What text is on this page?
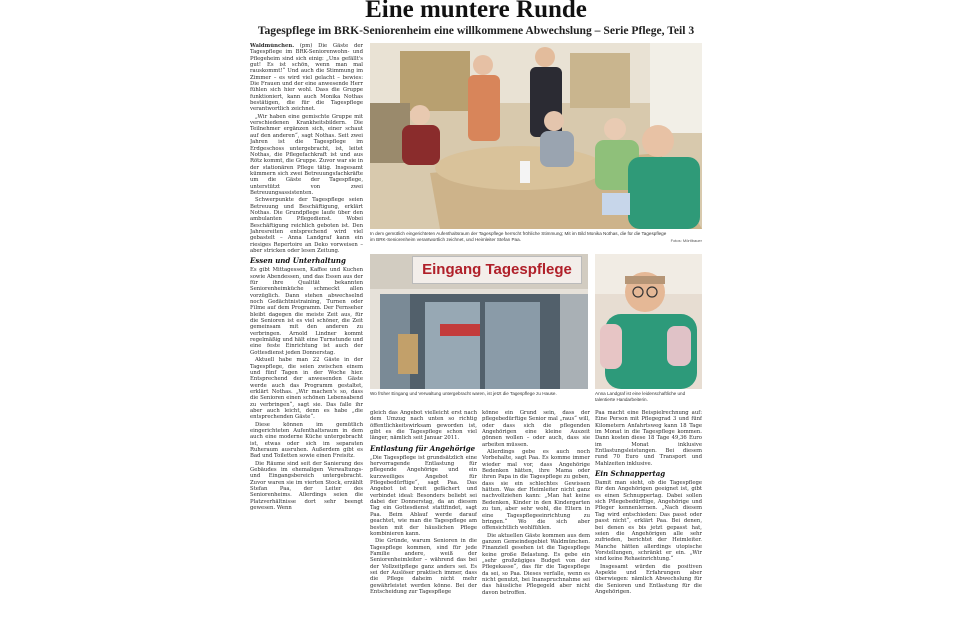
Eine muntere Runde
Tagespflege im BRK-Seniorenheim eine willkommene Abwechslung – Serie Pflege, Teil 3

Waldmünchen. (pm) Die Gäste der Tagespflege im BRK-Seniorenwohn- und Pflegeheim sind sich einig: „Uns gefällt's gut! Es ist schön, wenn man mal rauskommt!“ Und auch die Stimmung im Zimmer – es wird viel gelacht – bewies: Die Frauen und der eine anwesende Herr fühlen sich hier wohl. Dass die Gruppe funktioniert, kann auch Monika Nothas bestätigen, die für die Tagespflege verantwortlich zeichnet.

„Wir haben eine gemischte Gruppe mit verschiedenen Krankheitsbildern. Die Teilnehmer ergänzen sich, einer schaut auf den anderen“, sagt Nothas. Seit zwei Jahren ist die Tagespflege im Erdgeschoss untergebracht, ist, leitet Nothas, die Pflegefachkraft ist und aus Rötz kommt, die Gruppe. Zuvor war sie in der stationären Pflege tätig. Insgesamt kümmern sich zwei Betreuungsfachkräfte um die Gäste der Tagespflege, unterstützt von zwei Betreuungsassistenten.

Schwerpunkte der Tagespflege seien Betreuung und Beschäftigung, erklärt Nothas. Die Grundpflege laufe über den ambulanten Pflegedienst. Wobei Beschäftigung reichlich geboten ist. Den Jahresreiten entsprechend wird viel gebastelt – Anna Landgraf kann ein riesiges Repertoire an Deko vorweisen – aber stricken oder lesen Zeitung.

Essen und Unterhaltung

Es gibt Mittagessen, Kaffee und Kuchen sowie Abendessen, und das Essen aus der für ihre Qualität bekannten Seniorenheimküche schmeckt allen vorzüglich. Dann stehen abwechselnd noch Gedächtnistraining, Turnen oder Filme auf dem Programm. Der Fernseher bleibt dagegen die meiste Zeit aus, für die Senioren ist es viel schöner, die Zeit gemeinsam mit den anderen zu verbringen. Arnold Lindner kommt regelmäßig und hält eine Turnstunde und eine feste Einrichtung ist auch der Gottesdienst jeden Donnerstag.

Aktuell habe man 22 Gäste in der Tagespflege, die seien zwischen einem und fünf Tagen in der Woche hier. Entsprechend der anwesenden Gäste werde auch das Programm gestaltet, erklärt Nothas. „Wir machen's so, dass die Senioren einen schönen Lebensabend zu verbringen“, sagt sie. Das falle ihr aber auch leicht, denn es habe „die entsprechenden Gäste“.

Diese können im gemütlich eingerichteten Aufenthaltsraum in dem auch eine moderne Küche untergebracht ist, etwas oder sich im separaten Ruheraum ausruhen. Außerdem gibt es Bad und Toiletten sowie einen Freisitz.

Die Räume sind seit der Sanierung des Gebäudes im ehemaligen Verwaltungs- und Eingangsbereich untergebracht. Zuvor waren sie im vierten Stock, erzählt Stefan Paa, der Leiter des Seniorenheims. Allerdings seien die Platzverhältnisse dort sehr beengt gewesen. Wenn

In dem gemütlich eingerichteten Aufenthaltsraum der Tagespflege herrscht fröhliche Stimmung; Mit im Bild Monika Nothas, die für die Tagespflege im BRK-Seniorenheim verantwortlich zeichnet, und Heimleiter Stefan Paa.	Fotos: Mörtlbauer
Eingang Tagespflege
Wo früher Eingang und Verwaltung untergebracht waren, ist jetzt die Tagespflege zu Hause.	Anna Landgraf ist eine leidenschaftliche und talentierte Handarbeiterin.

gleich das Angebot vielleicht erst nach dem Umzug nach unten so richtig öffentlichkeitswirksam geworden ist, gibt es die Tagespflege schon viel länger, nämlich seit Januar 2011.

Entlastung für Angehörige

„Die Tagespflege ist grundsätzlich eine hervorragende Entlastung für pflegende Angehörige und ein kurzweiliges Angebot für Pflegebedürftige“, sagt Paa. Das Angebot ist breit gefächert und verbindet ideal: Besonders beliebt sei dabei der Donnerstag, da an diesem Tag ein Gottesdienst stattfindet, sagt Paa. Beim Ablauf werde darauf geachtet, wie man die Tagespflege am besten mit der häuslichen Pflege kombinieren kann.

Die Gründe, warum Senioren in die Tagespflege kommen, sind für jede Familie andere, weiß der Seniorenheimleiter – während das bei der Vollzeitpflege ganz anders sei. Es sei der Auslöser praktisch immer, dass die Pflege daheim nicht mehr gewährleistet werden könne. Bei der Entscheidung zur Tagespflege

könne ein Grund sein, dass der pflegebedürftige Senior mal „raus“ will, oder dass sich die pflegenden Angehörigen eine kleine Auszeit gönnen wollen – oder auch, dass sie arbeiten müssen.

Allerdings gebe es auch noch Vorbehalte, sagt Paa. Es komme immer wieder mal vor, dass Angehörige Bedenken hätten, ihre Mama oder ihren Papa in die Tagespflege zu geben, dass sie ein schlechtes Gewissen hätten. Was der Heimleiter nicht ganz nachvollziehen kann: „Man hat keine Bedenken, Kinder in den Kindergarten zu tun, aber sehr wohl, die Eltern in eine Tagespflegeeinrichtung zu bringen.“ Wo die sich aber offensichtlich wohlfühlen.

Die aktuellen Gäste kommen aus dem ganzen Gemeindegebiet Waldmünchen. Finanziell gesehen ist die Tagespflege keine große Belastung. Es gebe ein „sehr großzügiges Budget von der Pflegekasse“, das für die Tagespflege da sei, so Paa. Dieses verfalle, wenn es nicht genutzt, bei Inanspruchnahme sei das häusliche Pflegegeld aber nicht davon betroffen.

Paa macht eine Beispielrechnung auf: Eine Person mit Pflegegrad 3 und fünf Kilometern Anfahrtsweg kann 18 Tage im Monat in die Tagespflege kommen. Dann kosten diese 18 Tage 49,36 Euro im Monat inklusive Entlastungsleistungen. Bei diesem rund 70 Euro und Transport und Mahlzeiten inklusive.

Ein Schnappertag

Damit man sieht, ob die Tagespflege für den Angehörigen geeignet ist, gibt es einen Schnuppertag. Dabei sollen sich Pflegebedürftige, Angehörige und Pfleger kennenlernen. „Nach diesem Tag wird entschieden: Das passt oder passt nicht“, erklärt Paa. Bei denen, bei denen es bis jetzt gepasst hat, seien die Angehörigen alle sehr zufrieden, berichtet der Heimleiter. Manche hätten allerdings utopische Vorstellungen, schränkt er ein. „Wir sind keine Rehaeinrichtung.“

Insgesamt würden die positiven Aspekte und Erfahrungen aber überwiegen: nämlich Abwechslung für die Senioren und Entlastung für die Angehörigen.
